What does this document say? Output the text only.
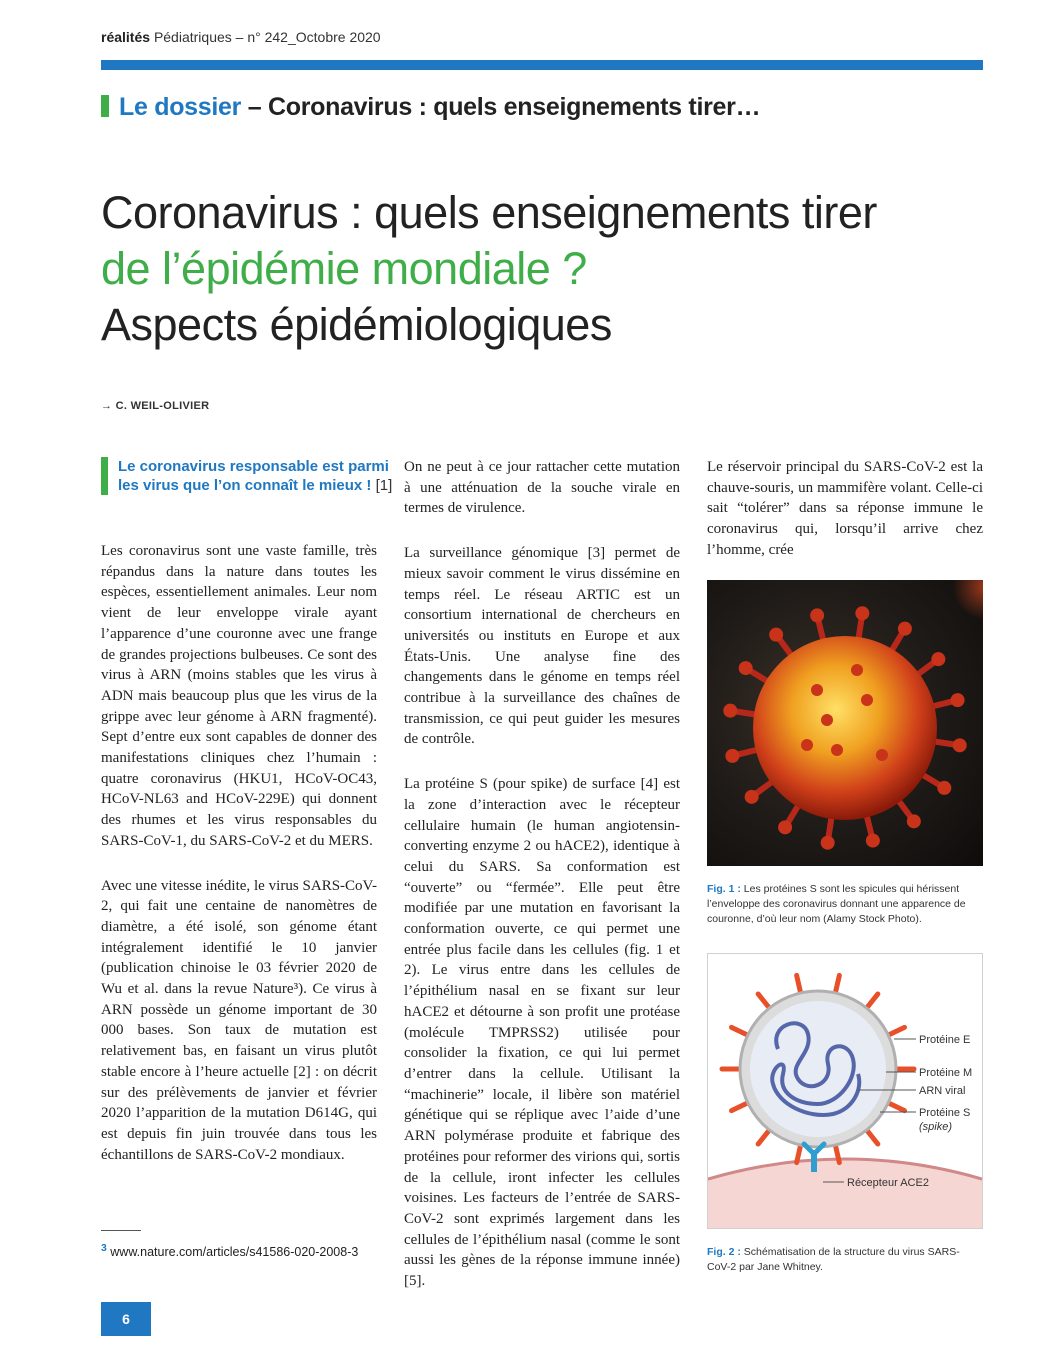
réalités Pédiatriques – n° 242_Octobre 2020
Le dossier – Coronavirus : quels enseignements tirer…
Coronavirus : quels enseignements tirer
de l’épidémie mondiale ?
Aspects épidémiologiques
→ C. WEIL-OLIVIER
Le coronavirus responsable est parmi les virus que l’on connaît le mieux ! [1]

Les coronavirus sont une vaste famille, très répandus dans la nature dans toutes les espèces, essentiellement animales. Leur nom vient de leur enveloppe virale ayant l’apparence d’une couronne avec une frange de grandes projections bulbeuses. Ce sont des virus à ARN (moins stables que les virus à ADN mais beaucoup plus que les virus de la grippe avec leur génome à ARN fragmenté). Sept d’entre eux sont capables de donner des manifestations cliniques chez l’humain : quatre coronavirus (HKU1, HCoV-OC43, HCoV-NL63 and HCoV-229E) qui donnent des rhumes et les virus responsables du SARS-CoV-1, du SARS-CoV-2 et du MERS.

Avec une vitesse inédite, le virus SARS-CoV-2, qui fait une centaine de nanomètres de diamètre, a été isolé, son génome étant intégralement identifié le 10 janvier (publication chinoise le 03 février 2020 de Wu et al. dans la revue Nature³). Ce virus à ARN possède un génome important de 30 000 bases. Son taux de mutation est relativement bas, en faisant un virus plutôt stable encore à l’heure actuelle [2] : on décrit sur des prélèvements de janvier et février 2020 l’apparition de la mutation D614G, qui est depuis fin juin trouvée dans tous les échantillons de SARS-CoV-2 mondiaux.

On ne peut à ce jour rattacher cette mutation à une atténuation de la souche virale en termes de virulence.

La surveillance génomique [3] permet de mieux savoir comment le virus dissémine en temps réel. Le réseau ARTIC est un consortium international de chercheurs en universités ou instituts en Europe et aux États-Unis. Une analyse fine des changements dans le génome en temps réel contribue à la surveillance des chaînes de transmission, ce qui peut guider les mesures de contrôle.

La protéine S (pour spike) de surface [4] est la zone d’interaction avec le récepteur cellulaire humain (le human angiotensin-converting enzyme 2 ou hACE2), identique à celui du SARS. Sa conformation est “ouverte” ou “fermée”. Elle peut être modifiée par une mutation en favorisant la conformation ouverte, ce qui permet une entrée plus facile dans les cellules (fig. 1 et 2). Le virus entre dans les cellules de l’épithélium nasal en se fixant sur leur hACE2 et détourne à son profit une protéase (molécule TMPRSS2) utilisée pour consolider la fixation, ce qui lui permet d’entrer dans la cellule. Utilisant la “machinerie” locale, il libère son matériel génétique qui se réplique avec l’aide d’une ARN polymérase produite et fabrique des protéines pour reformer des virions qui, sortis de la cellule, iront infecter les cellules voisines. Les facteurs de l’entrée de SARS-CoV-2 sont exprimés largement dans les cellules de l’épithélium nasal (comme le sont aussi les gènes de la réponse immune innée) [5].

Le réservoir principal du SARS-CoV-2 est la chauve-souris, un mammifère volant. Celle-ci sait “tolérer” dans sa réponse immune le coronavirus qui, lorsqu’il arrive chez l’homme, crée

Fig. 1 : Les protéines S sont les spicules qui hérissent l’enveloppe des coronavirus donnant une apparence de couronne, d’où leur nom (Alamy Stock Photo).
Protéine E
Protéine M
ARN viral
Protéine S
(spike)
Récepteur ACE2
Fig. 2 : Schématisation de la structure du virus SARS-CoV-2 par Jane Whitney.
$^3$ www.nature.com/articles/s41586-020-2008-3
6
